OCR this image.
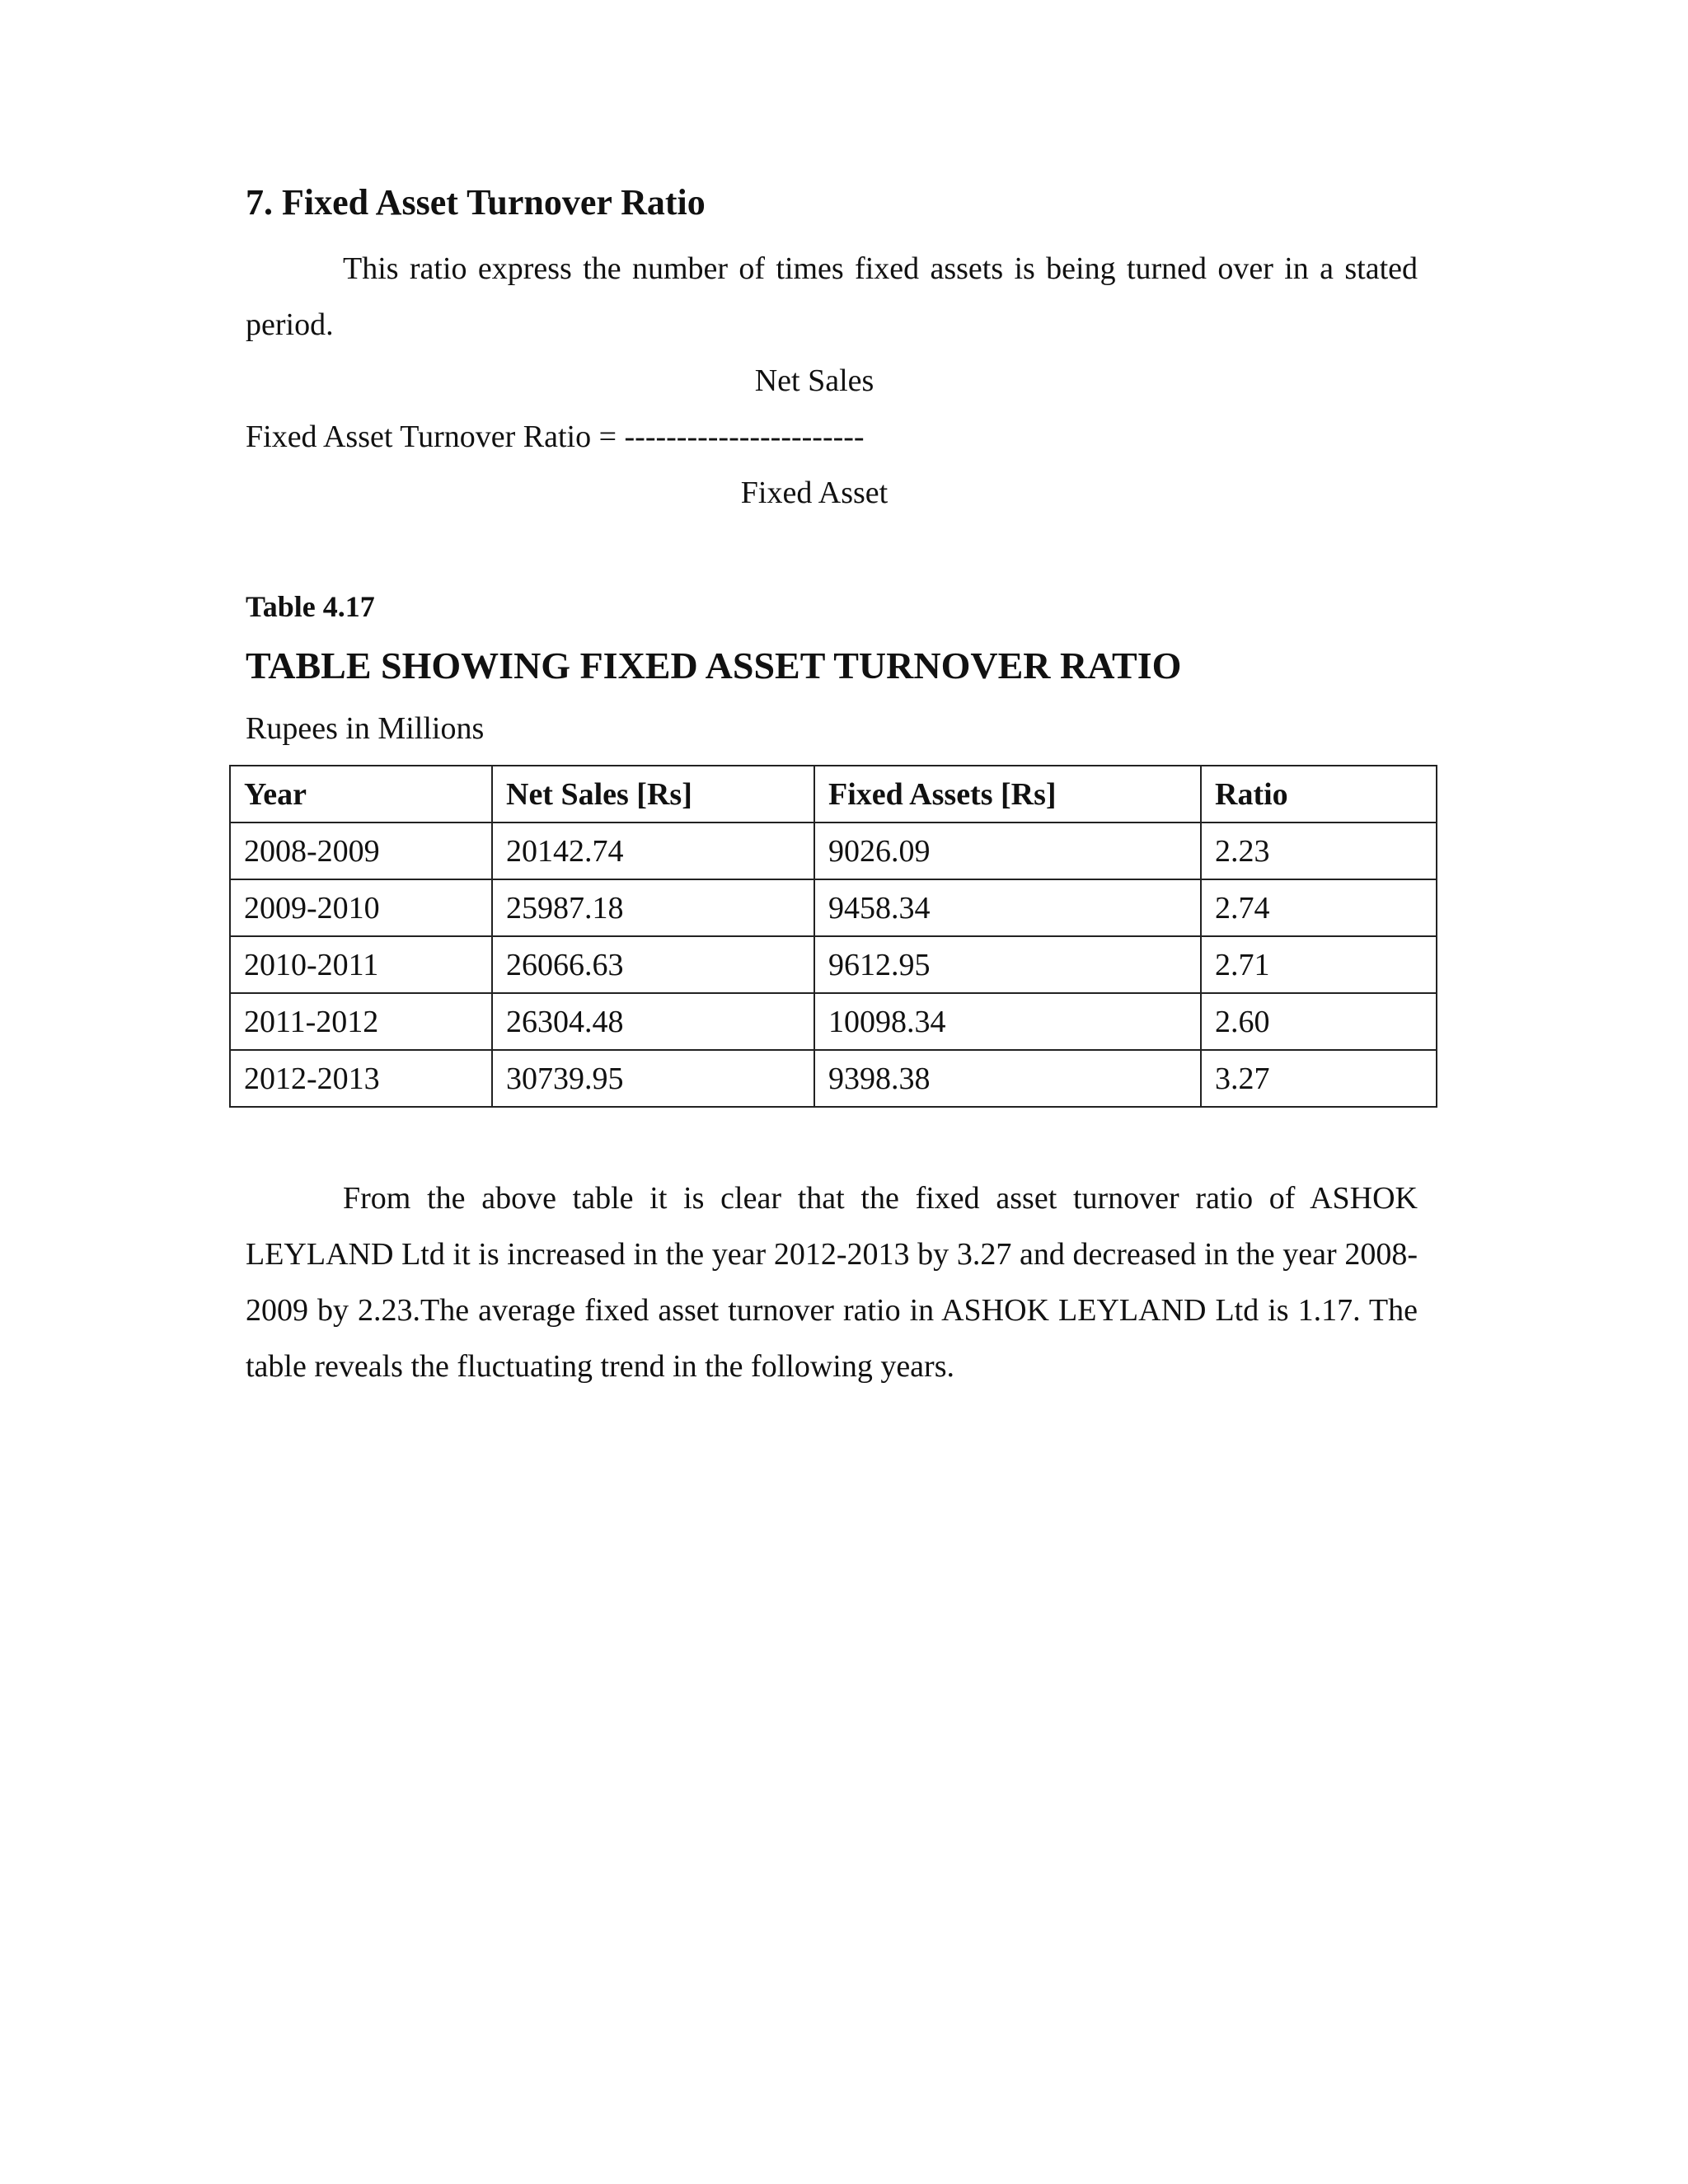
7. Fixed Asset Turnover Ratio

This ratio express the number of times fixed assets is being turned over in a stated period.

Net Sales
Fixed Asset Turnover Ratio = -----------------------
Fixed Asset
Table 4.17
TABLE SHOWING FIXED ASSET TURNOVER RATIO
Rupees in Millions
Year	Net Sales [Rs]	Fixed Assets [Rs]	Ratio
2008-2009	20142.74	9026.09	2.23
2009-2010	25987.18	9458.34	2.74
2010-2011	26066.63	9612.95	2.71
2011-2012	26304.48	10098.34	2.60
2012-2013	30739.95	9398.38	3.27

From the above table it is clear that the fixed asset turnover ratio of ASHOK LEYLAND Ltd it is increased in the year 2012-2013 by 3.27 and decreased in the year 2008-2009 by 2.23.The average fixed asset turnover ratio in ASHOK LEYLAND Ltd is 1.17. The table reveals the fluctuating trend in the following years.
